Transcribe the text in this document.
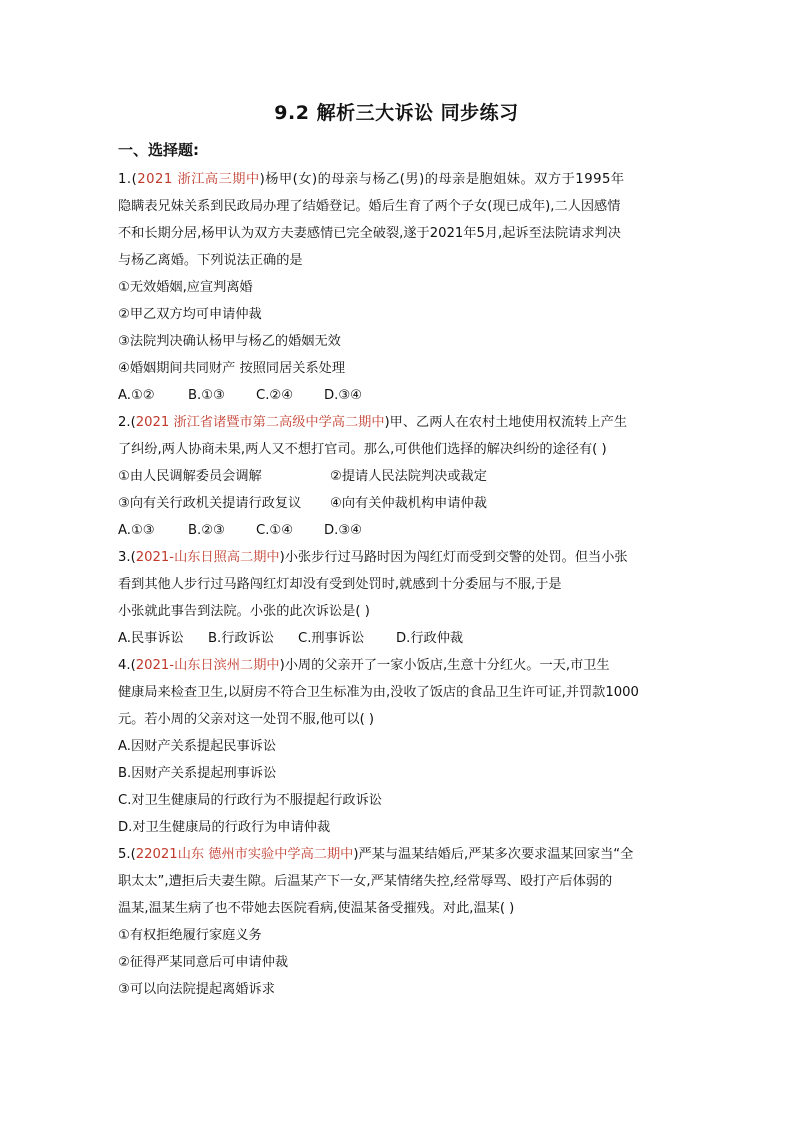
9.2 解析三大诉讼 同步练习
一、选择题:
1.(2021 浙江高三期中)杨甲(女)的母亲与杨乙(男)的母亲是胞姐妹。双方于1995年
隐瞒表兄妹关系到民政局办理了结婚登记。婚后生育了两个子女(现已成年),二人因感情
不和长期分居,杨甲认为双方夫妻感情已完全破裂,遂于2021年5月,起诉至法院请求判决
与杨乙离婚。下列说法正确的是
①无效婚姻,应宣判离婚
②甲乙双方均可申请仲裁
③法院判决确认杨甲与杨乙的婚姻无效
④婚姻期间共同财产 按照同居关系处理
A.①②	B.①③ C.②④ D.③④
2.(2021 浙江省诸暨市第二高级中学高二期中)甲、乙两人在农村土地使用权流转上产生
了纠纷,两人协商未果,两人又不想打官司。那么,可供他们选择的解决纠纷的途径有( )
①由人民调解委员会调解	②提请人民法院判决或裁定
③向有关行政机关提请行政复议 ④向有关仲裁机构申请仲裁
A.①③	B.②③ C.①④ D.③④
3.(2021-山东日照高二期中)小张步行过马路时因为闯红灯而受到交警的处罚。但当小张
看到其他人步行过马路闯红灯却没有受到处罚时,就感到十分委屈与不服,于是
小张就此事告到法院。小张的此次诉讼是( )
A.民事诉讼 B.行政诉讼 C.刑事诉讼 D.行政仲裁
4.(2021-山东日滨州二期中)小周的父亲开了一家小饭店,生意十分红火。一天,市卫生
健康局来检查卫生,以厨房不符合卫生标准为由,没收了饭店的食品卫生许可证,并罚款1000
元。若小周的父亲对这一处罚不服,他可以( )
A.因财产关系提起民事诉讼
B.因财产关系提起刑事诉讼
C.对卫生健康局的行政行为不服提起行政诉讼
D.对卫生健康局的行政行为申请仲裁
5.(22021山东 德州市实验中学高二期中)严某与温某结婚后,严某多次要求温某回家当“全
职太太”,遭拒后夫妻生隙。后温某产下一女,严某情绪失控,经常辱骂、殴打产后体弱的
温某,温某生病了也不带她去医院看病,使温某备受摧残。对此,温某( )
①有权拒绝履行家庭义务
②征得严某同意后可申请仲裁
③可以向法院提起离婚诉求
